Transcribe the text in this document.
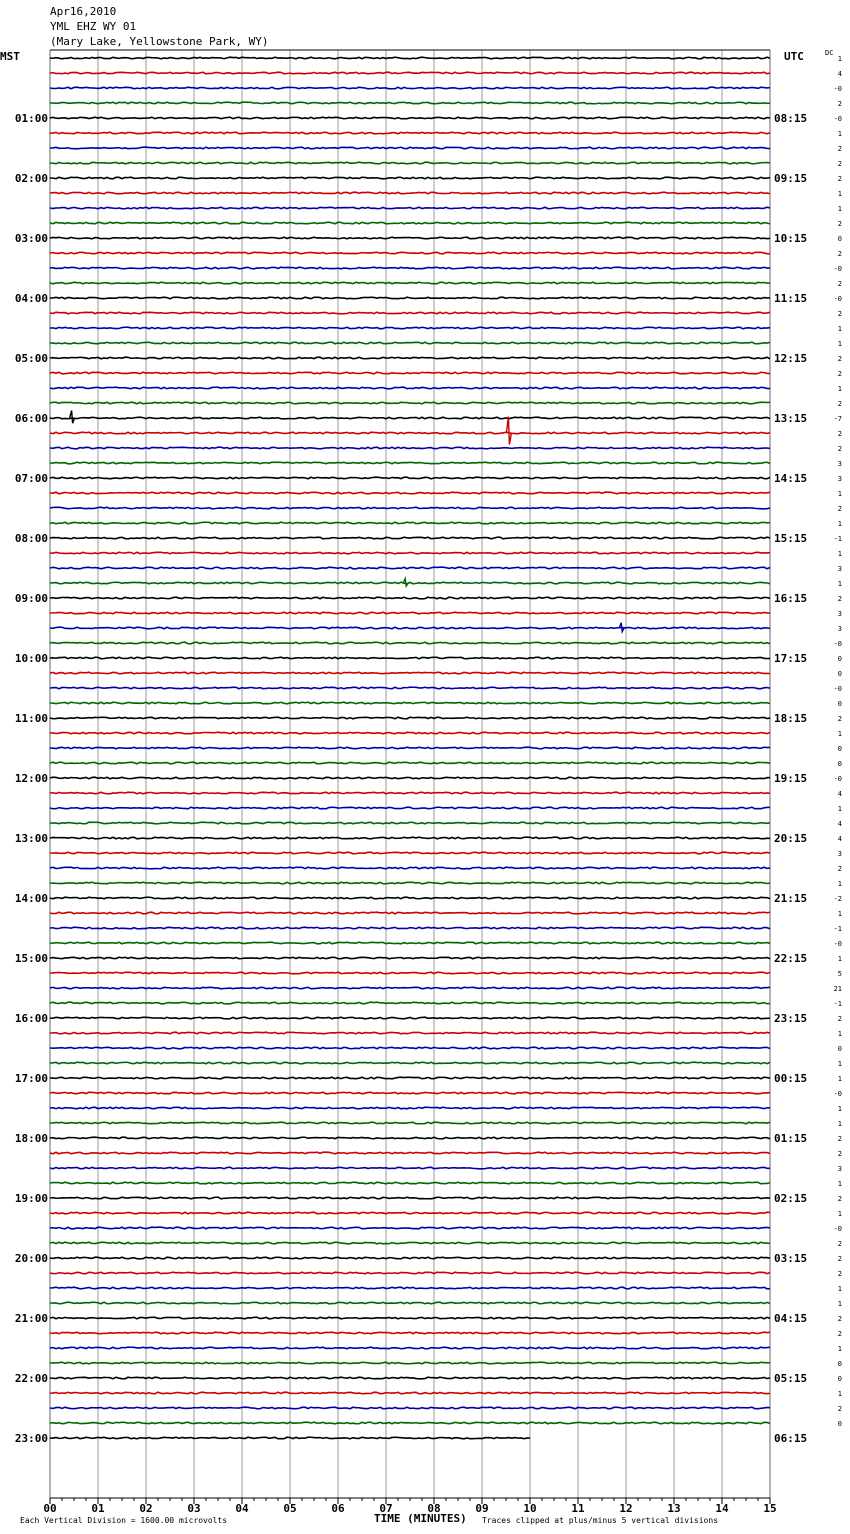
Apr16,2010
YML EHZ WY 01
(Mary Lake, Yellowstone Park, WY)
MST	UTC	DC
00	01	02	03	04	05	06	07	08	09	10	11	12	13	14	15
1
4
-0
2
-0
01:00	08:15
1
2
2
2
02:00	09:15
1
1
2
0
03:00	10:15
2
-0
2
-0
04:00	11:15
2
1
1
2
05:00	12:15
2
1
2
-7
06:00	13:15
2
2
3
3
07:00	14:15
1
2
1
-1
08:00	15:15
1
3
1
2
09:00	16:15
3
3
-0
0
10:00	17:15
0
-0
0
2
11:00	18:15
1
0
0
-0
12:00	19:15
4
1
4
4
13:00	20:15
3
2
1
-2
14:00	21:15
1
-1
-0
1
15:00	22:15
5
21
-1
2
16:00	23:15
1
0
1
1
17:00	00:15
-0
1
1
2
18:00	01:15
2
3
1
2
19:00	02:15
1
-0
2
2
20:00	03:15
2
1
1
2
21:00	04:15
2
1
0
0
22:00	05:15
1
2
0
23:00	06:15
Each Vertical Division = 1600.00 microvolts	TIME (MINUTES) Traces clipped at plus/minus 5 vertical divisions
